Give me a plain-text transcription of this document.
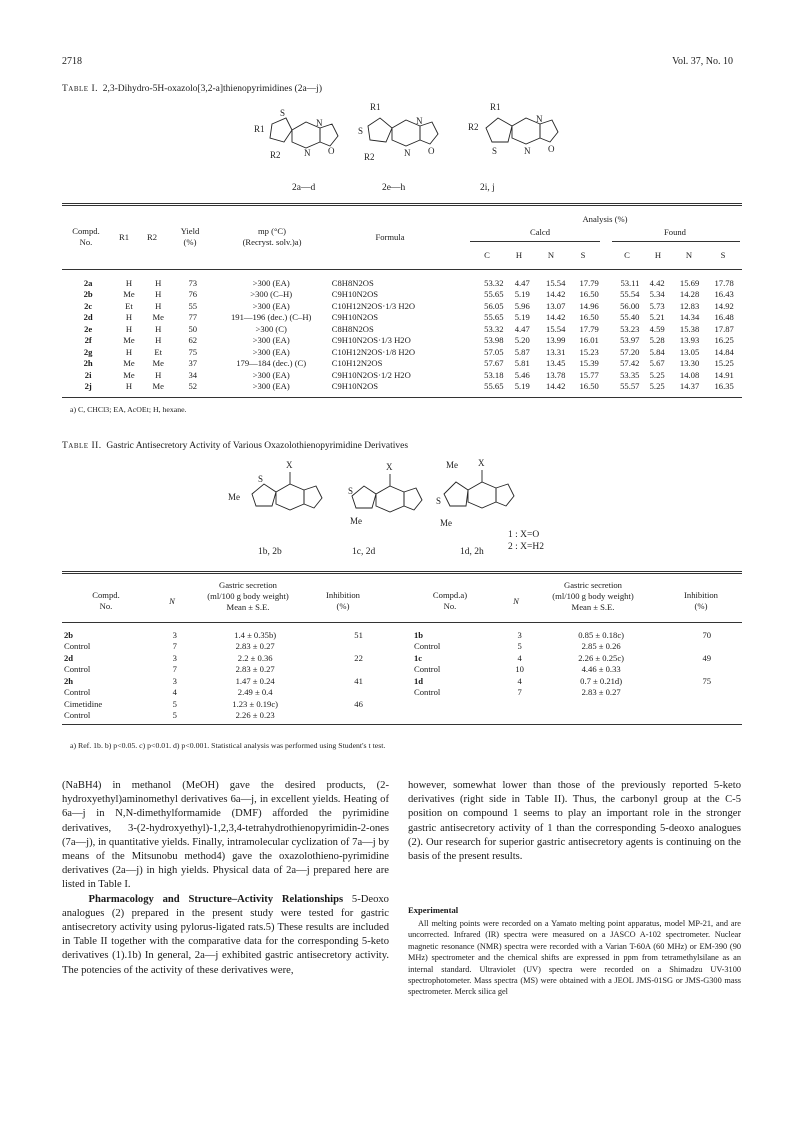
2718	Vol. 37, No. 10
Table I. 2,3-Dihydro-5H-oxazolo[3,2-a]thienopyrimidines (2a—j)
R1
S
R2
N
N O
R1
S
R2
N
N O
R2
R1
S
N
N O
2a—d	2e—h	2i, j
Compd.
No.	R1	R2
Yield
(%)
mp (°C)
(Recryst. solv.)a)	Formula
Analysis (%)
Calcd	Found
C	H	N	S	C	H	N	S
2a	H	H	73	>300 (EA)	C8H8N2OS	53.32	4.47	15.54	17.79	53.11	4.42	15.69	17.78
2b	Me	H	76	>300 (C–H)	C9H10N2OS	55.65	5.19	14.42	16.50	55.54	5.34	14.28	16.43
2c	Et	H	55	>300 (EA)	C10H12N2OS·1/3 H2O	56.05	5.96	13.07	14.96	56.00	5.73	12.83	14.92
2d	H	Me	77	191—196 (dec.) (C–H)	C9H10N2OS	55.65	5.19	14.42	16.50	55.40	5.21	14.34	16.48
2e	H	H	50	>300 (C)	C8H8N2OS	53.32	4.47	15.54	17.79	53.23	4.59	15.38	17.87
2f	Me	H	62	>300 (EA)	C9H10N2OS·1/3 H2O	53.98	5.20	13.99	16.01	53.97	5.28	13.93	16.25
2g	H	Et	75	>300 (EA)	C10H12N2OS·1/8 H2O	57.05	5.87	13.31	15.23	57.20	5.84	13.05	14.84
2h	Me	Me	37	179—184 (dec.) (C)	C10H12N2OS	57.67	5.81	13.45	15.39	57.42	5.67	13.30	15.25
2i	Me	H	34	>300 (EA)	C9H10N2OS·1/2 H2O	53.18	5.46	13.78	15.77	53.35	5.25	14.08	14.91
2j	H	Me	52	>300 (EA)	C9H10N2OS	55.65	5.19	14.42	16.50	55.57	5.25	14.37	16.35
a) C, CHCl3; EA, AcOEt; H, hexane.
Table II. Gastric Antisecretory Activity of Various Oxazolothienopyrimidine Derivatives
X
Me
S
X
S
Me
Me X
S
Me
1b, 2b	1c, 2d	1d, 2h
1 : X=O
2 : X=H2
Compd.
No.	N
Gastric secretion
(ml/100 g body weight)
Mean ± S.E.
Inhibition
(%)
Compd.a)
No.	N
Gastric secretion
(ml/100 g body weight)
Mean ± S.E.
Inhibition
(%)
2b	3	1.4 ± 0.35b)	51
Control	7	2.83 ± 0.27	
2d	3	2.2 ± 0.36	22
Control	7	2.83 ± 0.27	
2h	3	1.47 ± 0.24	41
Control	4	2.49 ± 0.4	
Cimetidine	5	1.23 ± 0.19c)	46
Control	5	2.26 ± 0.23	
1b	3	0.85 ± 0.18c)	70
Control	5	2.85 ± 0.26	
1c	4	2.26 ± 0.25c)	49
Control	10	4.46 ± 0.33	
1d	4	0.7 ± 0.21d)	75
Control	7	2.83 ± 0.27	
a) Ref. 1b. b) p<0.05. c) p<0.01. d) p<0.001. Statistical analysis was performed using Student's t test.
(NaBH4) in methanol (MeOH) gave the desired products, (2-hydroxyethyl)aminomethyl derivatives 6a—j, in excellent yields. Heating of 6a—j in N,N-dimethylformamide (DMF) afforded the pyrimidine derivatives, 3-(2-hydroxyethyl)-1,2,3,4-tetrahydrothienopyrimidin-2-ones (7a—j), in quantitative yields. Finally, intramolecular cyclization of 7a—j by means of the Mitsunobu method4) gave the oxazolothieno-pyrimidine derivatives (2a—j) in high yields. Physical data of 2a—j prepared here are listed in Table I.
Pharmacology and Structure–Activity Relationships 5-Deoxo analogues (2) prepared in the present study were tested for gastric antisecretory activity using pylorus-ligated rats.5) These results are included in Table II together with the comparative data for the corresponding 5-keto derivatives (1).1b) In general, 2a—j exhibited gastric antisecretory activity. The potencies of the activity of these derivatives were,
however, somewhat lower than those of the previously reported 5-keto derivatives (right side in Table II). Thus, the carbonyl group at the C-5 position on compound 1 seems to play an important role in the stronger gastric antisecretory activity of 1 than the corresponding 5-deoxo analogues (2). Our research for superior gastric antisecretory agents is continuing on the basis of the present results.
Experimental
All melting points were recorded on a Yamato melting point apparatus, model MP-21, and are uncorrected. Infrared (IR) spectra were measured on a JASCO A-102 spectrometer. Nuclear magnetic resonance (NMR) spectra were recorded with a Varian T-60A (60 MHz) or EM-390 (90 MHz) spectrometer and the chemical shifts are expressed in ppm from tetramethylsilane as an internal standard. Ultraviolet (UV) spectra were recorded on a Shimadzu UV-3100 spectrophotometer. Mass spectra (MS) were obtained with a JEOL JMS-01SG or JMS-G300 mass spectrometer. Merck silica gel
